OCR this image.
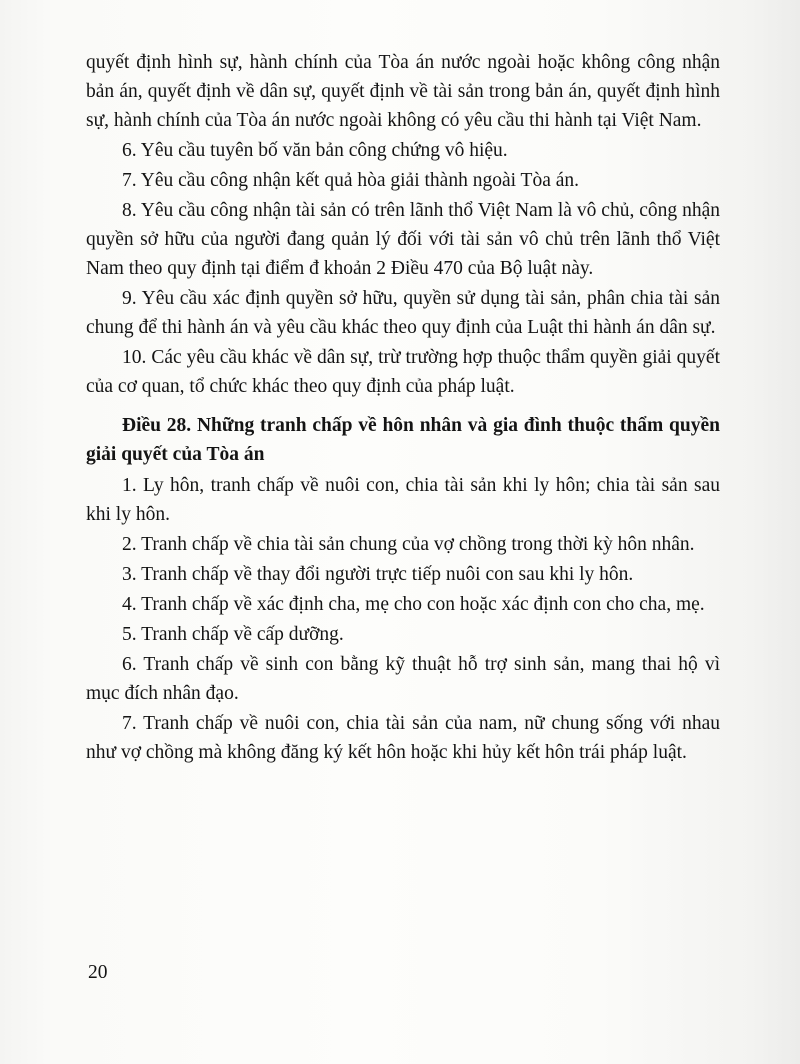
quyết định hình sự, hành chính của Tòa án nước ngoài hoặc không công nhận bản án, quyết định về dân sự, quyết định về tài sản trong bản án, quyết định hình sự, hành chính của Tòa án nước ngoài không có yêu cầu thi hành tại Việt Nam.

6. Yêu cầu tuyên bố văn bản công chứng vô hiệu.

7. Yêu cầu công nhận kết quả hòa giải thành ngoài Tòa án.

8. Yêu cầu công nhận tài sản có trên lãnh thổ Việt Nam là vô chủ, công nhận quyền sở hữu của người đang quản lý đối với tài sản vô chủ trên lãnh thổ Việt Nam theo quy định tại điểm đ khoản 2 Điều 470 của Bộ luật này.

9. Yêu cầu xác định quyền sở hữu, quyền sử dụng tài sản, phân chia tài sản chung để thi hành án và yêu cầu khác theo quy định của Luật thi hành án dân sự.

10. Các yêu cầu khác về dân sự, trừ trường hợp thuộc thẩm quyền giải quyết của cơ quan, tổ chức khác theo quy định của pháp luật.

Điều 28. Những tranh chấp về hôn nhân và gia đình thuộc thẩm quyền giải quyết của Tòa án

1. Ly hôn, tranh chấp về nuôi con, chia tài sản khi ly hôn; chia tài sản sau khi ly hôn.

2. Tranh chấp về chia tài sản chung của vợ chồng trong thời kỳ hôn nhân.

3. Tranh chấp về thay đổi người trực tiếp nuôi con sau khi ly hôn.

4. Tranh chấp về xác định cha, mẹ cho con hoặc xác định con cho cha, mẹ.

5. Tranh chấp về cấp dưỡng.

6. Tranh chấp về sinh con bằng kỹ thuật hỗ trợ sinh sản, mang thai hộ vì mục đích nhân đạo.

7. Tranh chấp về nuôi con, chia tài sản của nam, nữ chung sống với nhau như vợ chồng mà không đăng ký kết hôn hoặc khi hủy kết hôn trái pháp luật.

20
